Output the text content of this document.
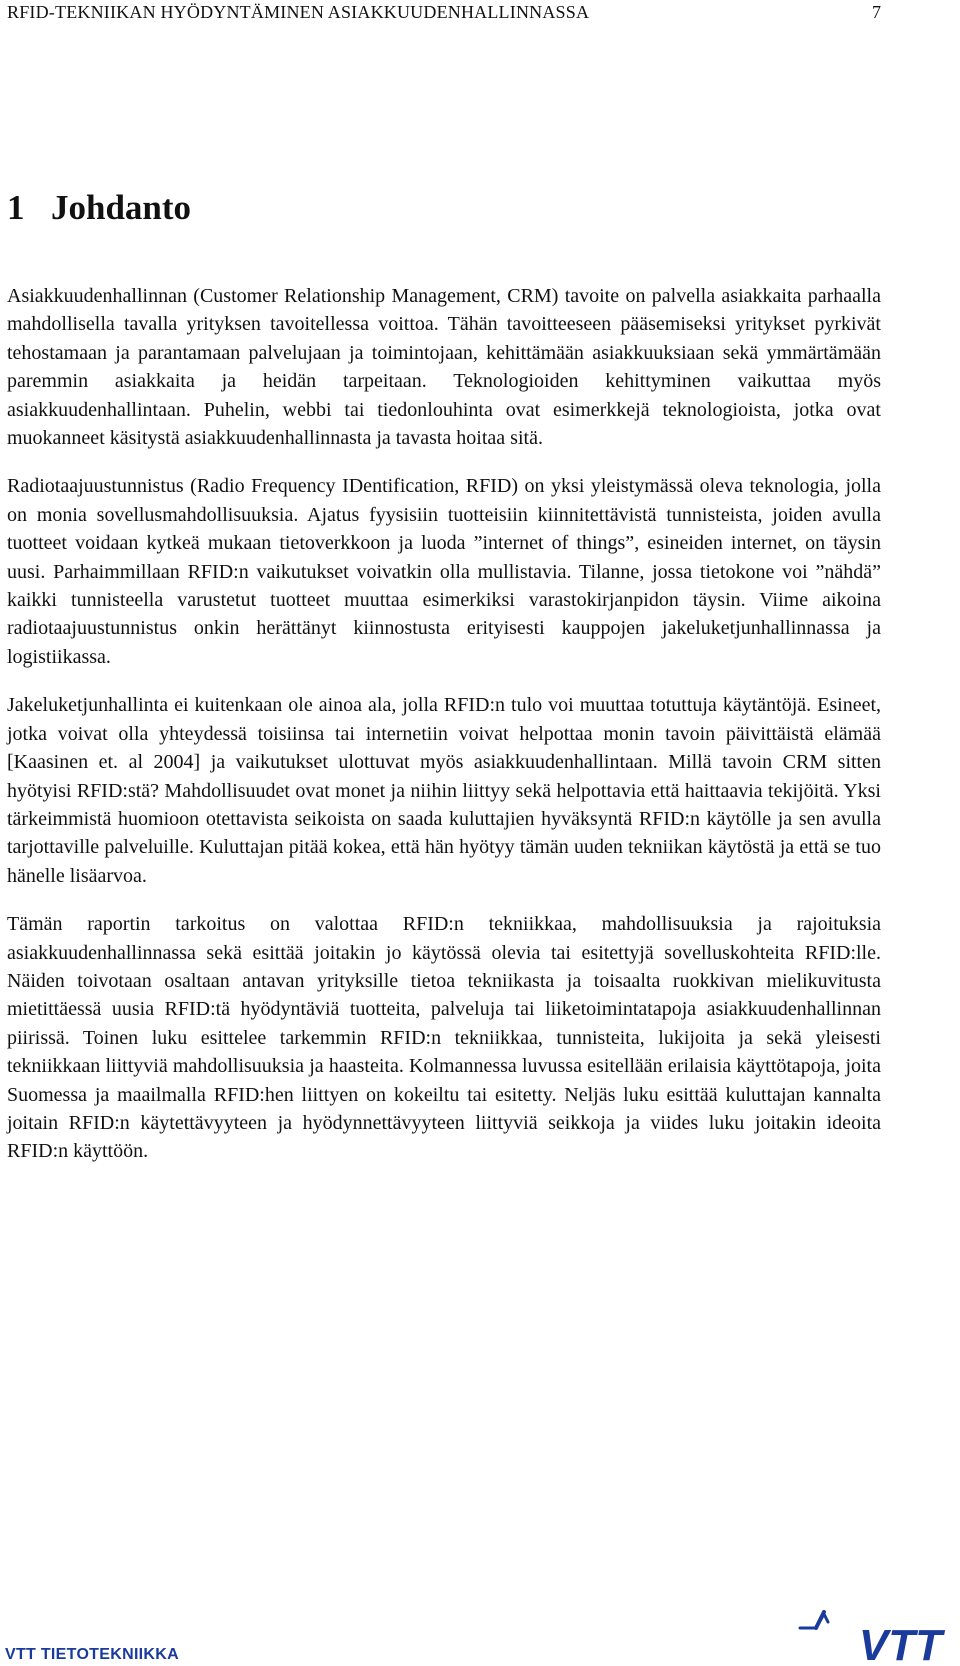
RFID-TEKNIIKAN HYÖDYNTÄMINEN ASIAKKUUDENHALLINNASSA	7
1 Johdanto

Asiakkuudenhallinnan (Customer Relationship Management, CRM) tavoite on palvella asiakkaita parhaalla mahdollisella tavalla yrityksen tavoitellessa voittoa. Tähän tavoitteeseen pääsemiseksi yritykset pyrkivät tehostamaan ja parantamaan palvelujaan ja toimintojaan, kehittämään asiakkuuksiaan sekä ymmärtämään paremmin asiakkaita ja heidän tarpeitaan. Teknologioiden kehittyminen vaikuttaa myös asiakkuudenhallintaan. Puhelin, webbi tai tiedonlouhinta ovat esimerkkejä teknologioista, jotka ovat muokanneet käsitystä asiakkuudenhallinnasta ja tavasta hoitaa sitä.

Radiotaajuustunnistus (Radio Frequency IDentification, RFID) on yksi yleistymässä oleva teknologia, jolla on monia sovellusmahdollisuuksia. Ajatus fyysisiin tuotteisiin kiinnitettävistä tunnisteista, joiden avulla tuotteet voidaan kytkeä mukaan tietoverkkoon ja luoda ”internet of things”, esineiden internet, on täysin uusi. Parhaimmillaan RFID:n vaikutukset voivatkin olla mullistavia. Tilanne, jossa tietokone voi ”nähdä” kaikki tunnisteella varustetut tuotteet muuttaa esimerkiksi varastokirjanpidon täysin. Viime aikoina radiotaajuustunnistus onkin herättänyt kiinnostusta erityisesti kauppojen jakeluketjunhallinnassa ja logistiikassa.

Jakeluketjunhallinta ei kuitenkaan ole ainoa ala, jolla RFID:n tulo voi muuttaa totuttuja käytäntöjä. Esineet, jotka voivat olla yhteydessä toisiinsa tai internetiin voivat helpottaa monin tavoin päivittäistä elämää [Kaasinen et. al 2004] ja vaikutukset ulottuvat myös asiakkuudenhallintaan. Millä tavoin CRM sitten hyötyisi RFID:stä? Mahdollisuudet ovat monet ja niihin liittyy sekä helpottavia että haittaavia tekijöitä. Yksi tärkeimmistä huomioon otettavista seikoista on saada kuluttajien hyväksyntä RFID:n käytölle ja sen avulla tarjottaville palveluille. Kuluttajan pitää kokea, että hän hyötyy tämän uuden tekniikan käytöstä ja että se tuo hänelle lisäarvoa.

Tämän raportin tarkoitus on valottaa RFID:n tekniikkaa, mahdollisuuksia ja rajoituksia asiakkuudenhallinnassa sekä esittää joitakin jo käytössä olevia tai esitettyjä sovelluskohteita RFID:lle. Näiden toivotaan osaltaan antavan yrityksille tietoa tekniikasta ja toisaalta ruokkivan mielikuvitusta mietittäessä uusia RFID:tä hyödyntäviä tuotteita, palveluja tai liiketoimintatapoja asiakkuudenhallinnan piirissä. Toinen luku esittelee tarkemmin RFID:n tekniikkaa, tunnisteita, lukijoita ja sekä yleisesti tekniikkaan liittyviä mahdollisuuksia ja haasteita. Kolmannessa luvussa esitellään erilaisia käyttötapoja, joita Suomessa ja maailmalla RFID:hen liittyen on kokeiltu tai esitetty. Neljäs luku esittää kuluttajan kannalta joitain RFID:n käytettävyyteen ja hyödynnettävyyteen liittyviä seikkoja ja viides luku joitakin ideoita RFID:n käyttöön.

VTT TIETOTEKNIIKKA	VTT
